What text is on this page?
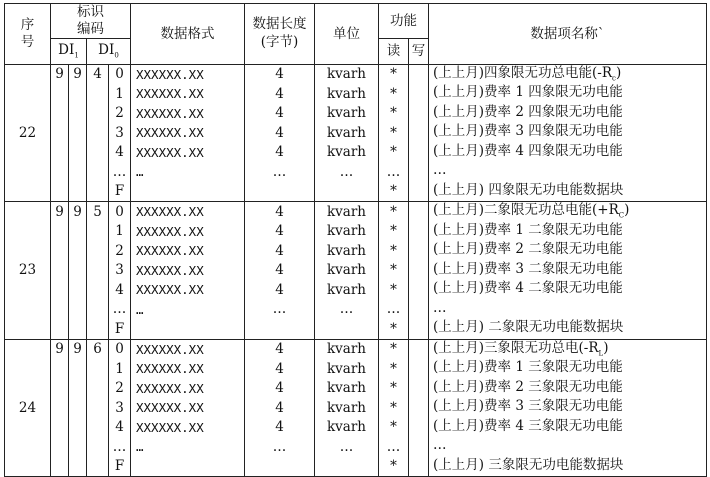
序号	标识编码				数据格式	数据长度(字节)	单位	功能		数据项名称`
	$DI_1$		$DI_0$					读	写	
22	9	9	4	0	XXXXXX.XX	4	kvarh	*		(上上月)四象限无功总电能$(-R_c)$
				1	XXXXXX.XX	4	kvarh	*		(上上月)费率 1 四象限无功电能
				2	XXXXXX.XX	4	kvarh	*		(上上月)费率 2 四象限无功电能
				3	XXXXXX.XX	4	kvarh	*		(上上月)费率 3 四象限无功电能
				4	XXXXXX.XX	4	kvarh	*		(上上月)费率 4 四象限无功电能
				…	…	…	…	…		…
				F				*		(上上月) 四象限无功电能数据块
23	9	9	5	0	XXXXXX.XX	4	kvarh	*		(上上月)二象限无功总电能$(+R_C)$
				1	XXXXXX.XX	4	kvarh	*		(上上月)费率 1 二象限无功电能
				2	XXXXXX.XX	4	kvarh	*		(上上月)费率 2 二象限无功电能
				3	XXXXXX.XX	4	kvarh	*		(上上月)费率 3 二象限无功电能
				4	XXXXXX.XX	4	kvarh	*		(上上月)费率 4 二象限无功电能
				…	…	…	…	…		…
				F				*		(上上月) 二象限无功电能数据块
24	9	9	6	0	XXXXXX.XX	4	kvarh	*		(上上月)三象限无功总电$(-R_L)$
				1	XXXXXX.XX	4	kvarh	*		(上上月)费率 1 三象限无功电能
				2	XXXXXX.XX	4	kvarh	*		(上上月)费率 2 三象限无功电能
				3	XXXXXX.XX	4	kvarh	*		(上上月)费率 3 三象限无功电能
				4	XXXXXX.XX	4	kvarh	*		(上上月)费率 4 三象限无功电能
				…	…	…	…	…		…
				F				*		(上上月) 三象限无功电能数据块
